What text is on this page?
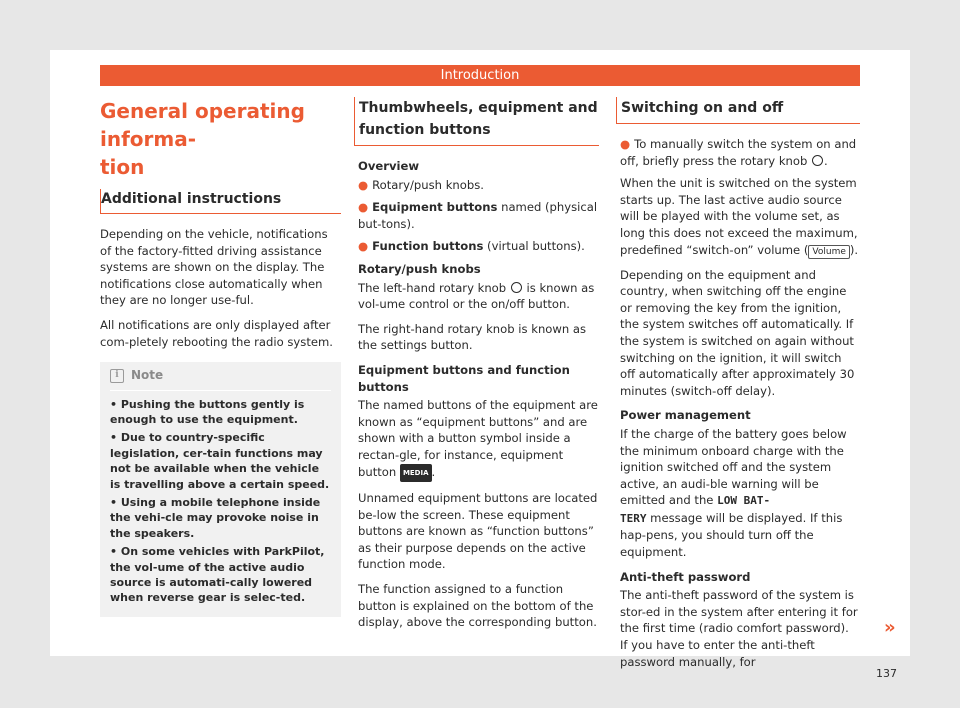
Introduction
General operating informa-
tion
Additional instructions

Depending on the vehicle, notifications of the factory-fitted driving assistance systems are shown on the display. The notifications close automatically when they are no longer use-ful.

All notifications are only displayed after com-pletely rebooting the radio system.

i	Note
• Pushing the buttons gently is enough to use the equipment.
• Due to country-specific legislation, cer-tain functions may not be available when the vehicle is travelling above a certain speed.
• Using a mobile telephone inside the vehi-cle may provoke noise in the speakers.
• On some vehicles with ParkPilot, the vol-ume of the active audio source is automati-cally lowered when reverse gear is selec-ted.
Thumbwheels, equipment and function buttons

Overview

● Rotary/push knobs.
● Equipment buttons named (physical but-tons).
● Function buttons (virtual buttons).

Rotary/push knobs

The left-hand rotary knob  is known as vol-ume control or the on/off button.

The right-hand rotary knob is known as the settings button.

Equipment buttons and function buttons

The named buttons of the equipment are known as “equipment buttons” and are shown with a button symbol inside a rectan-gle, for instance, equipment button MEDIA .

Unnamed equipment buttons are located be-low the screen. These equipment buttons are known as “function buttons” as their purpose depends on the active function mode.

The function assigned to a function button is explained on the bottom of the display, above the corresponding button.

Switching on and off
● To manually switch the system on and off, briefly press the rotary knob .

When the unit is switched on the system starts up. The last active audio source will be played with the volume set, as long this does not exceed the maximum, predefined “switch-on” volume ( Volume ).

Depending on the equipment and country, when switching off the engine or removing the key from the ignition, the system switches off automatically. If the system is switched on again without switching on the ignition, it will switch off automatically after approximately 30 minutes (switch-off delay).

Power management

If the charge of the battery goes below the minimum onboard charge with the ignition switched off and the system active, an audi-ble warning will be emitted and the LOW BAT-
TERY message will be displayed. If this hap-pens, you should turn off the equipment.

Anti-theft password

The anti-theft password of the system is stor-ed in the system after entering it for the first time (radio comfort password). If you have to enter the anti-theft password manually, for

»
137
